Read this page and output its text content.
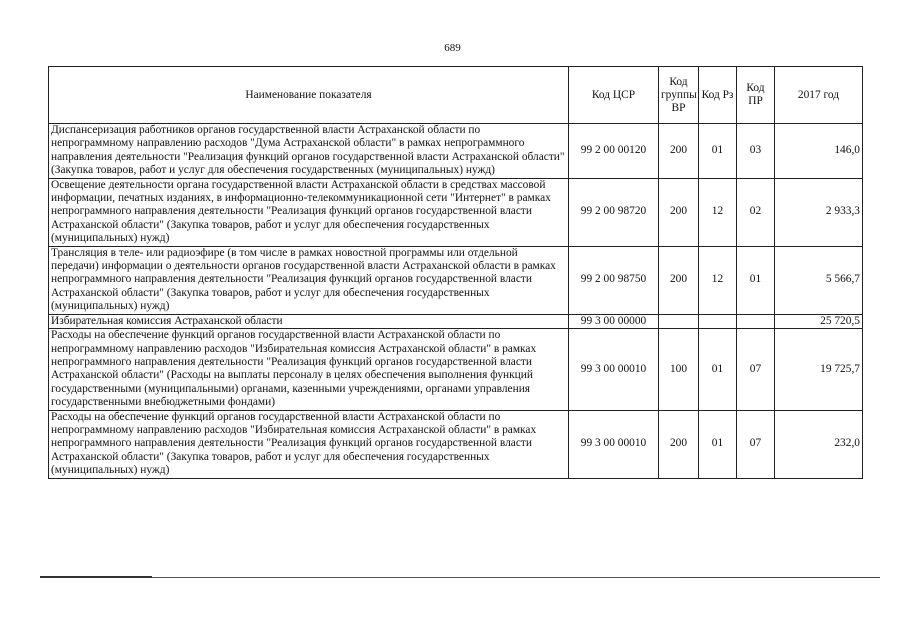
689
Наименование показателя	Код ЦСР	Код группы ВР	Код Рз	Код ПР	2017 год
Диспансеризация работников органов государственной власти Астраханской области по непрограммному направлению расходов "Дума Астраханской области" в рамках непрограммного направления деятельности "Реализация функций органов государственной власти Астраханской области" (Закупка товаров, работ и услуг для обеспечения государственных (муниципальных) нужд)	99 2 00 00120	200	01	03	146,0
Освещение деятельности органа государственной власти Астраханской области в средствах массовой информации, печатных изданиях, в информационно-телекоммуникационной сети "Интернет" в рамках непрограммного направления деятельности "Реализация функций органов государственной власти Астраханской области" (Закупка товаров, работ и услуг для обеспечения государственных (муниципальных) нужд)	99 2 00 98720	200	12	02	2 933,3
Трансляция в теле- или радиоэфире (в том числе в рамках новостной программы или отдельной передачи) информации о деятельности органов государственной власти Астраханской области в рамках непрограммного направления деятельности "Реализация функций органов государственной власти Астраханской области" (Закупка товаров, работ и услуг для обеспечения государственных (муниципальных) нужд)	99 2 00 98750	200	12	01	5 566,7
Избирательная комиссия Астраханской области	99 3 00 00000				25 720,5
Расходы на обеспечение функций органов государственной власти Астраханской области по непрограммному направлению расходов "Избирательная комиссия Астраханской области" в рамках непрограммного направления деятельности "Реализация функций органов государственной власти Астраханской области" (Расходы на выплаты персоналу в целях обеспечения выполнения функций государственными (муниципальными) органами, казенными учреждениями, органами управления государственными внебюджетными фондами)	99 3 00 00010	100	01	07	19 725,7
Расходы на обеспечение функций органов государственной власти Астраханской области по непрограммному направлению расходов "Избирательная комиссия Астраханской области" в рамках непрограммного направления деятельности "Реализация функций органов государственной власти Астраханской области" (Закупка товаров, работ и услуг для обеспечения государственных (муниципальных) нужд)	99 3 00 00010	200	01	07	232,0
